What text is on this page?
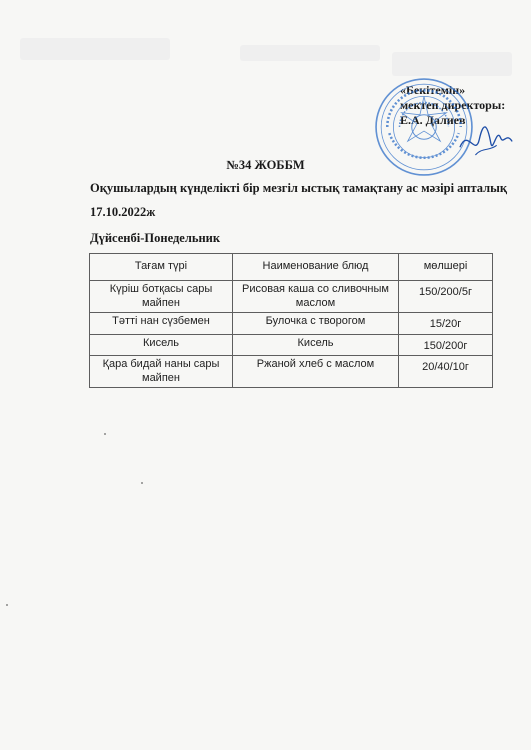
«Бекітемін»
мектеп директоры:
Е.А. Далиев
№34 ЖОББМ
Оқушылардың күнделікті бір мезгіл ыстық тамақтану ас мәзірі апталық
17.10.2022ж
Дүйсенбі-Понедельник
Тағам түрі	Наименование блюд	мөлшері
Күріш ботқасы сары майпен	Рисовая каша со сливочным маслом	150/200/5г
Тәтті нан сүзбемен	Булочка с творогом	15/20г
Кисель	Кисель	150/200г
Қара бидай наны сары майпен	Ржаной хлеб с маслом	20/40/10г
